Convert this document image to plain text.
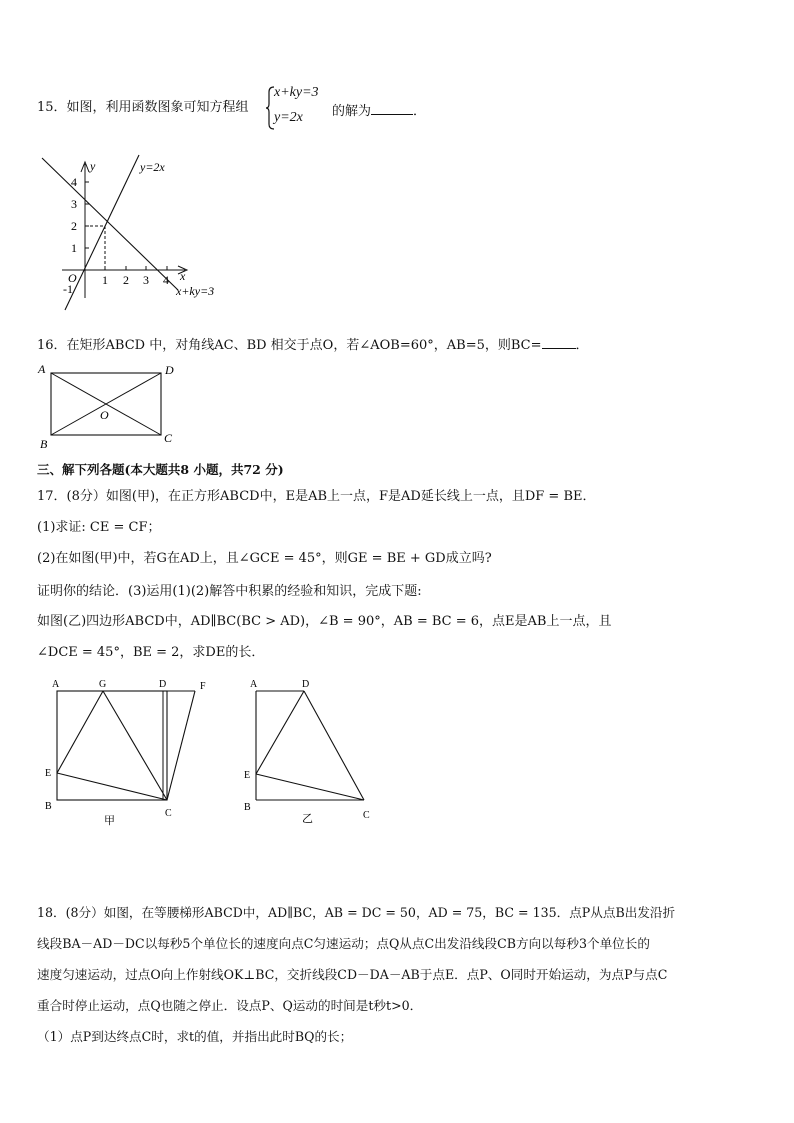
15．如图，利用函数图象可知方程组
x+ky=3
y=2x 的解为	．
y
x
O
y=2x
x+ky=3
1 2 3 4
-1
4
3
2
1
16．在矩形ABCD 中，对角线AC、BD 相交于点O，若∠AOB=60°，AB=5，则BC=	．
A	D
B	C
O
三、解下列各题(本大题共8 小题，共72 分)
17．(8分）如图(甲)，在正方形ABCD中，E是AB上一点，F是AD延长线上一点，且DF = BE．
(1)求证: CE = CF；
(2)在如图(甲)中，若G在AD上，且∠GCE = 45°，则GE = BE + GD成立吗?
证明你的结论．(3)运用(1)(2)解答中积累的经验和知识，完成下题:
如图(乙)四边形ABCD中，AD∥BC(BC > AD)，∠B = 90°，AB = BC = 6，点E是AB上一点，且
∠DCE = 45°，BE = 2，求DE的长．
A	G	D	F
E
B
C
甲
A	D
E
B
C
乙
18．(8分）如图，在等腰梯形ABCD中，AD∥BC，AB = DC = 50，AD = 75，BC = 135．点P从点B出发沿折
线段BA－AD－DC以每秒5个单位长的速度向点C匀速运动；点Q从点C出发沿线段CB方向以每秒3个单位长的
速度匀速运动，过点O向上作射线OK⊥BC，交折线段CD－DA－AB于点E．点P、O同时开始运动，为点P与点C
重合时停止运动，点Q也随之停止．设点P、Q运动的时间是t秒t>0．
（1）点P到达终点C时，求t的值，并指出此时BQ的长；
